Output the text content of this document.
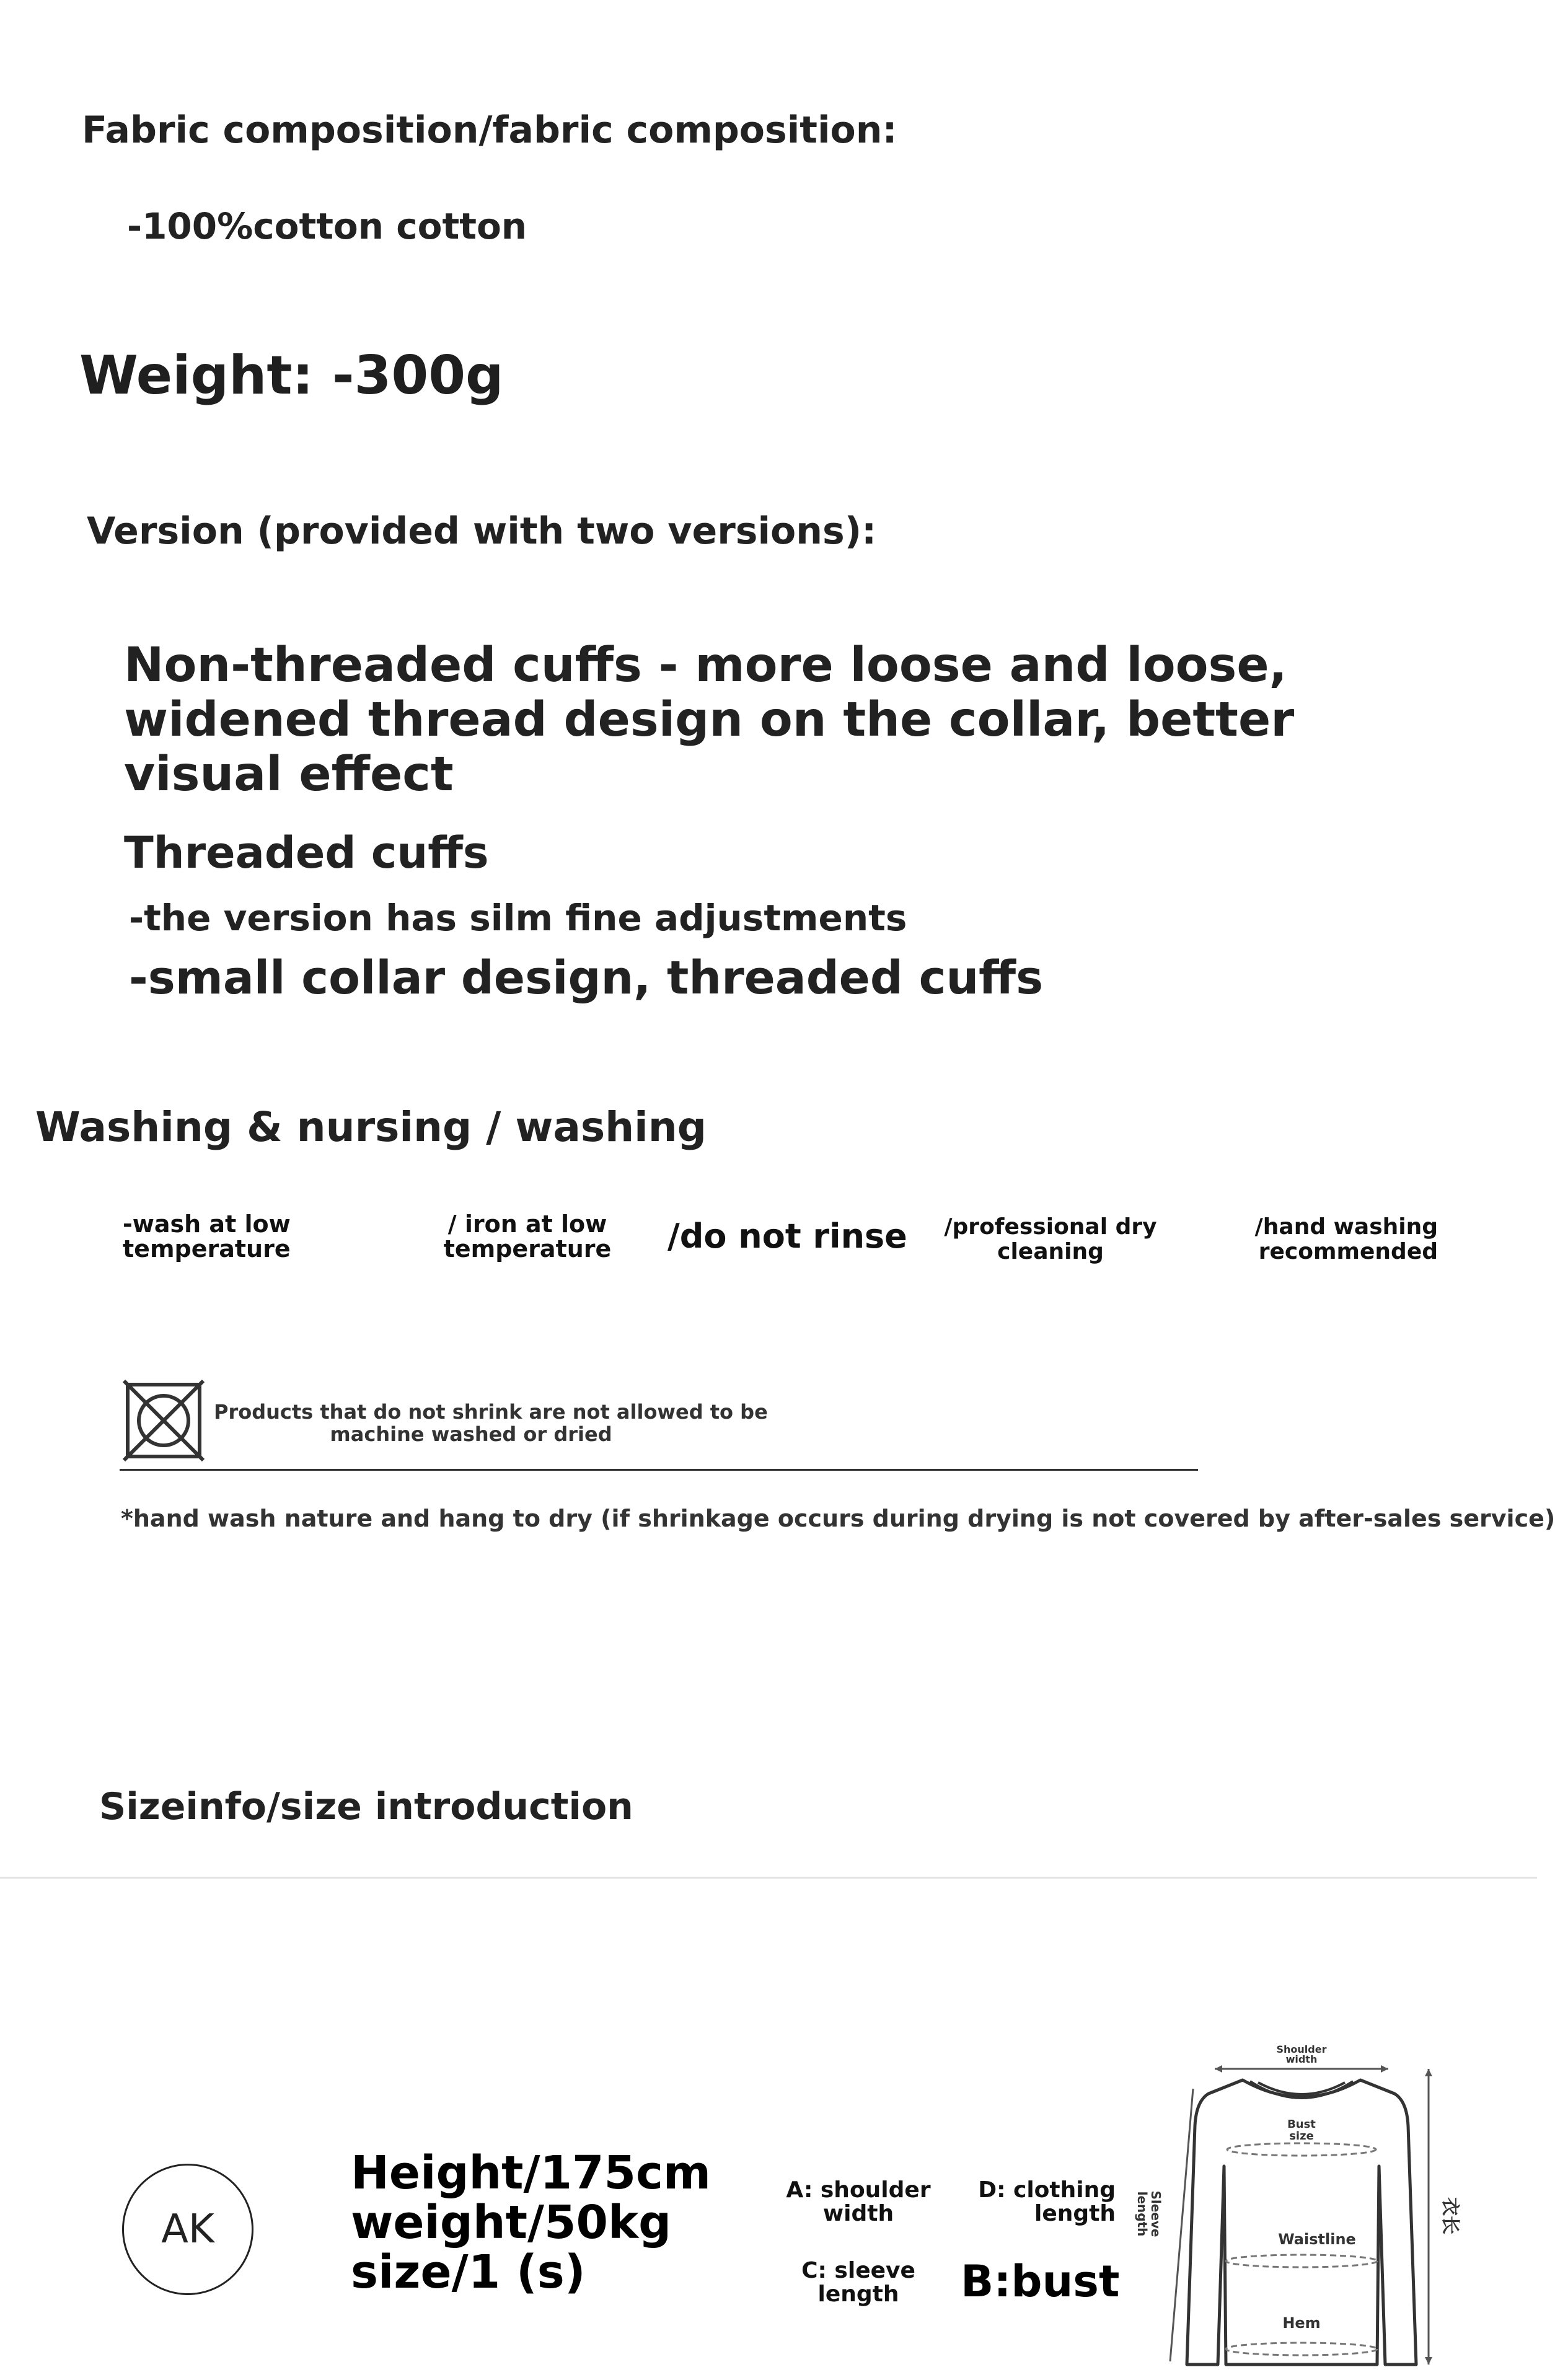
Fabric composition/fabric composition:
-100%cotton cotton
Weight: -300g
Version (provided with two versions):
Non-threaded cuffs - more loose and loose, widened thread design on the collar, better visual effect
Threaded cuffs
-the version has silm fine adjustments
-small collar design, threaded cuffs
Washing & nursing / washing
-wash at low
temperature
/ iron at low
temperature	/do not rinse /professional dry
cleaning
/hand washing
recommended
Products that do not shrink are not allowed to be
machine washed or dried
*hand wash nature and hang to dry (if shrinkage occurs during drying is not covered by after-sales service)
Sizeinfo/size introduction
AK
Height/175cm
weight/50kg
size/1 (s)
A: shoulder
width
D: clothing
length
C: sleeve
length	B:bust
Shoulder
width
衣长
Sleeve
length
Bust
size
Waistline
Hem
